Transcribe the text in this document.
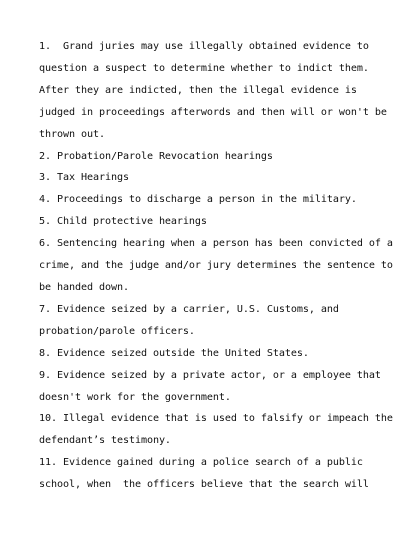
1.  Grand juries may use illegally obtained evidence to
question a suspect to determine whether to indict them.
After they are indicted, then the illegal evidence is
judged in proceedings afterwords and then will or won't be
thrown out.
2. Probation/Parole Revocation hearings
3. Tax Hearings
4. Proceedings to discharge a person in the military.
5. Child protective hearings
6. Sentencing hearing when a person has been convicted of a
crime, and the judge and/or jury determines the sentence to
be handed down.
7. Evidence seized by a carrier, U.S. Customs, and
probation/parole officers.
8. Evidence seized outside the United States.
9. Evidence seized by a private actor, or a employee that
doesn't work for the government.
10. Illegal evidence that is used to falsify or impeach the
defendant’s testimony.
11. Evidence gained during a police search of a public
school, when  the officers believe that the search will
